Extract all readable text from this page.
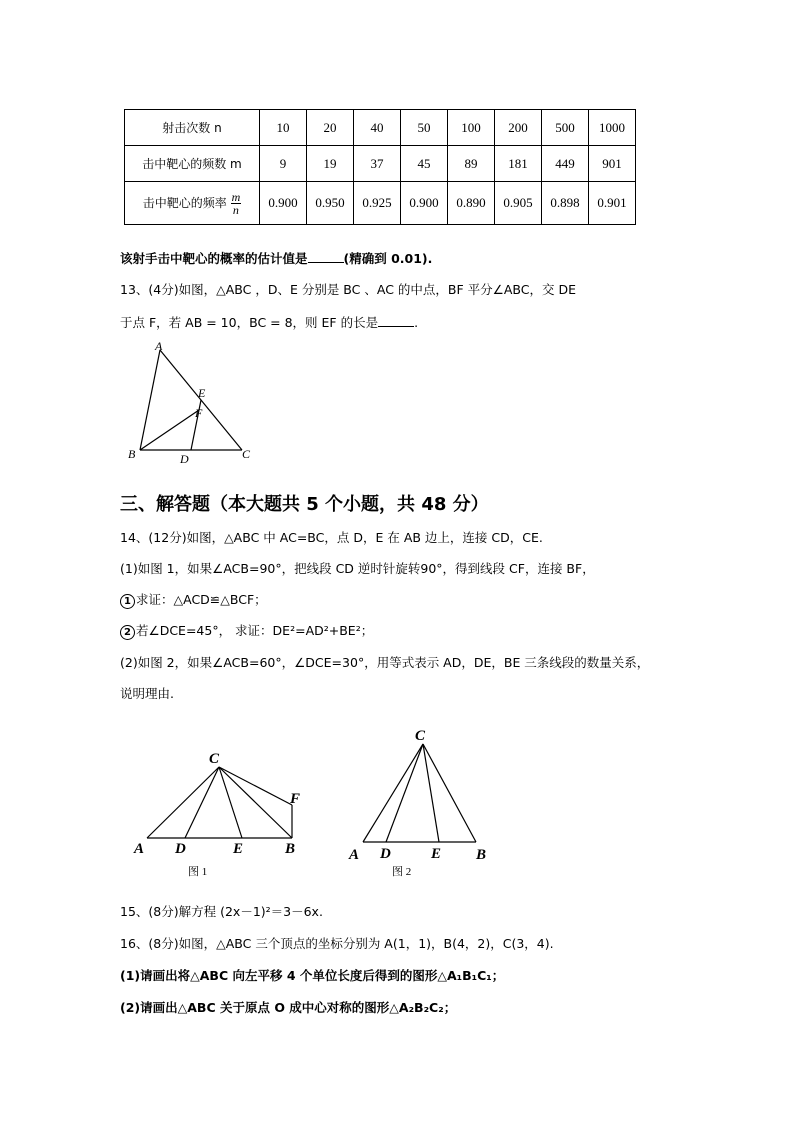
射击次数 n	10	20	40	50	100	200	500	1000
击中靶心的频数 m	9	19	37	45	89	181	449	901
击中靶心的频率 $\frac{m}{n}$	0.900	0.950	0.925	0.900	0.890	0.905	0.898	0.901
该射手击中靶心的概率的估计值是	(精确到 0.01).
13、(4分)如图，△ABC ，D、E 分别是 BC 、AC 的中点，BF 平分∠ABC，交 DE
于点 F，若 AB = 10，BC = 8，则 EF 的长是	.
A
B	C
D
E
F
三、解答题（本大题共 5 个小题，共 48 分）
14、(12分)如图，△ABC 中 AC=BC，点 D，E 在 AB 边上，连接 CD，CE.
(1)如图 1，如果∠ACB=90°，把线段 CD 逆时针旋转90°，得到线段 CF，连接 BF，
1 求证：△ACD≌△BCF；
2 若∠DCE=45°， 求证：DE²=AD²+BE²；
(2)如图 2，如果∠ACB=60°，∠DCE=30°，用等式表示 AD，DE，BE 三条线段的数量关系，
说明理由.
A D	E	B
C
F
图 1
A D	E B
C
图 2
15、(8分)解方程 (2x－1)²＝3－6x.
16、(8分)如图，△ABC 三个顶点的坐标分别为 A(1，1)，B(4，2)，C(3，4).
(1)请画出将△ABC 向左平移 4 个单位长度后得到的图形△A₁B₁C₁；
(2)请画出△ABC 关于原点 O 成中心对称的图形△A₂B₂C₂；
